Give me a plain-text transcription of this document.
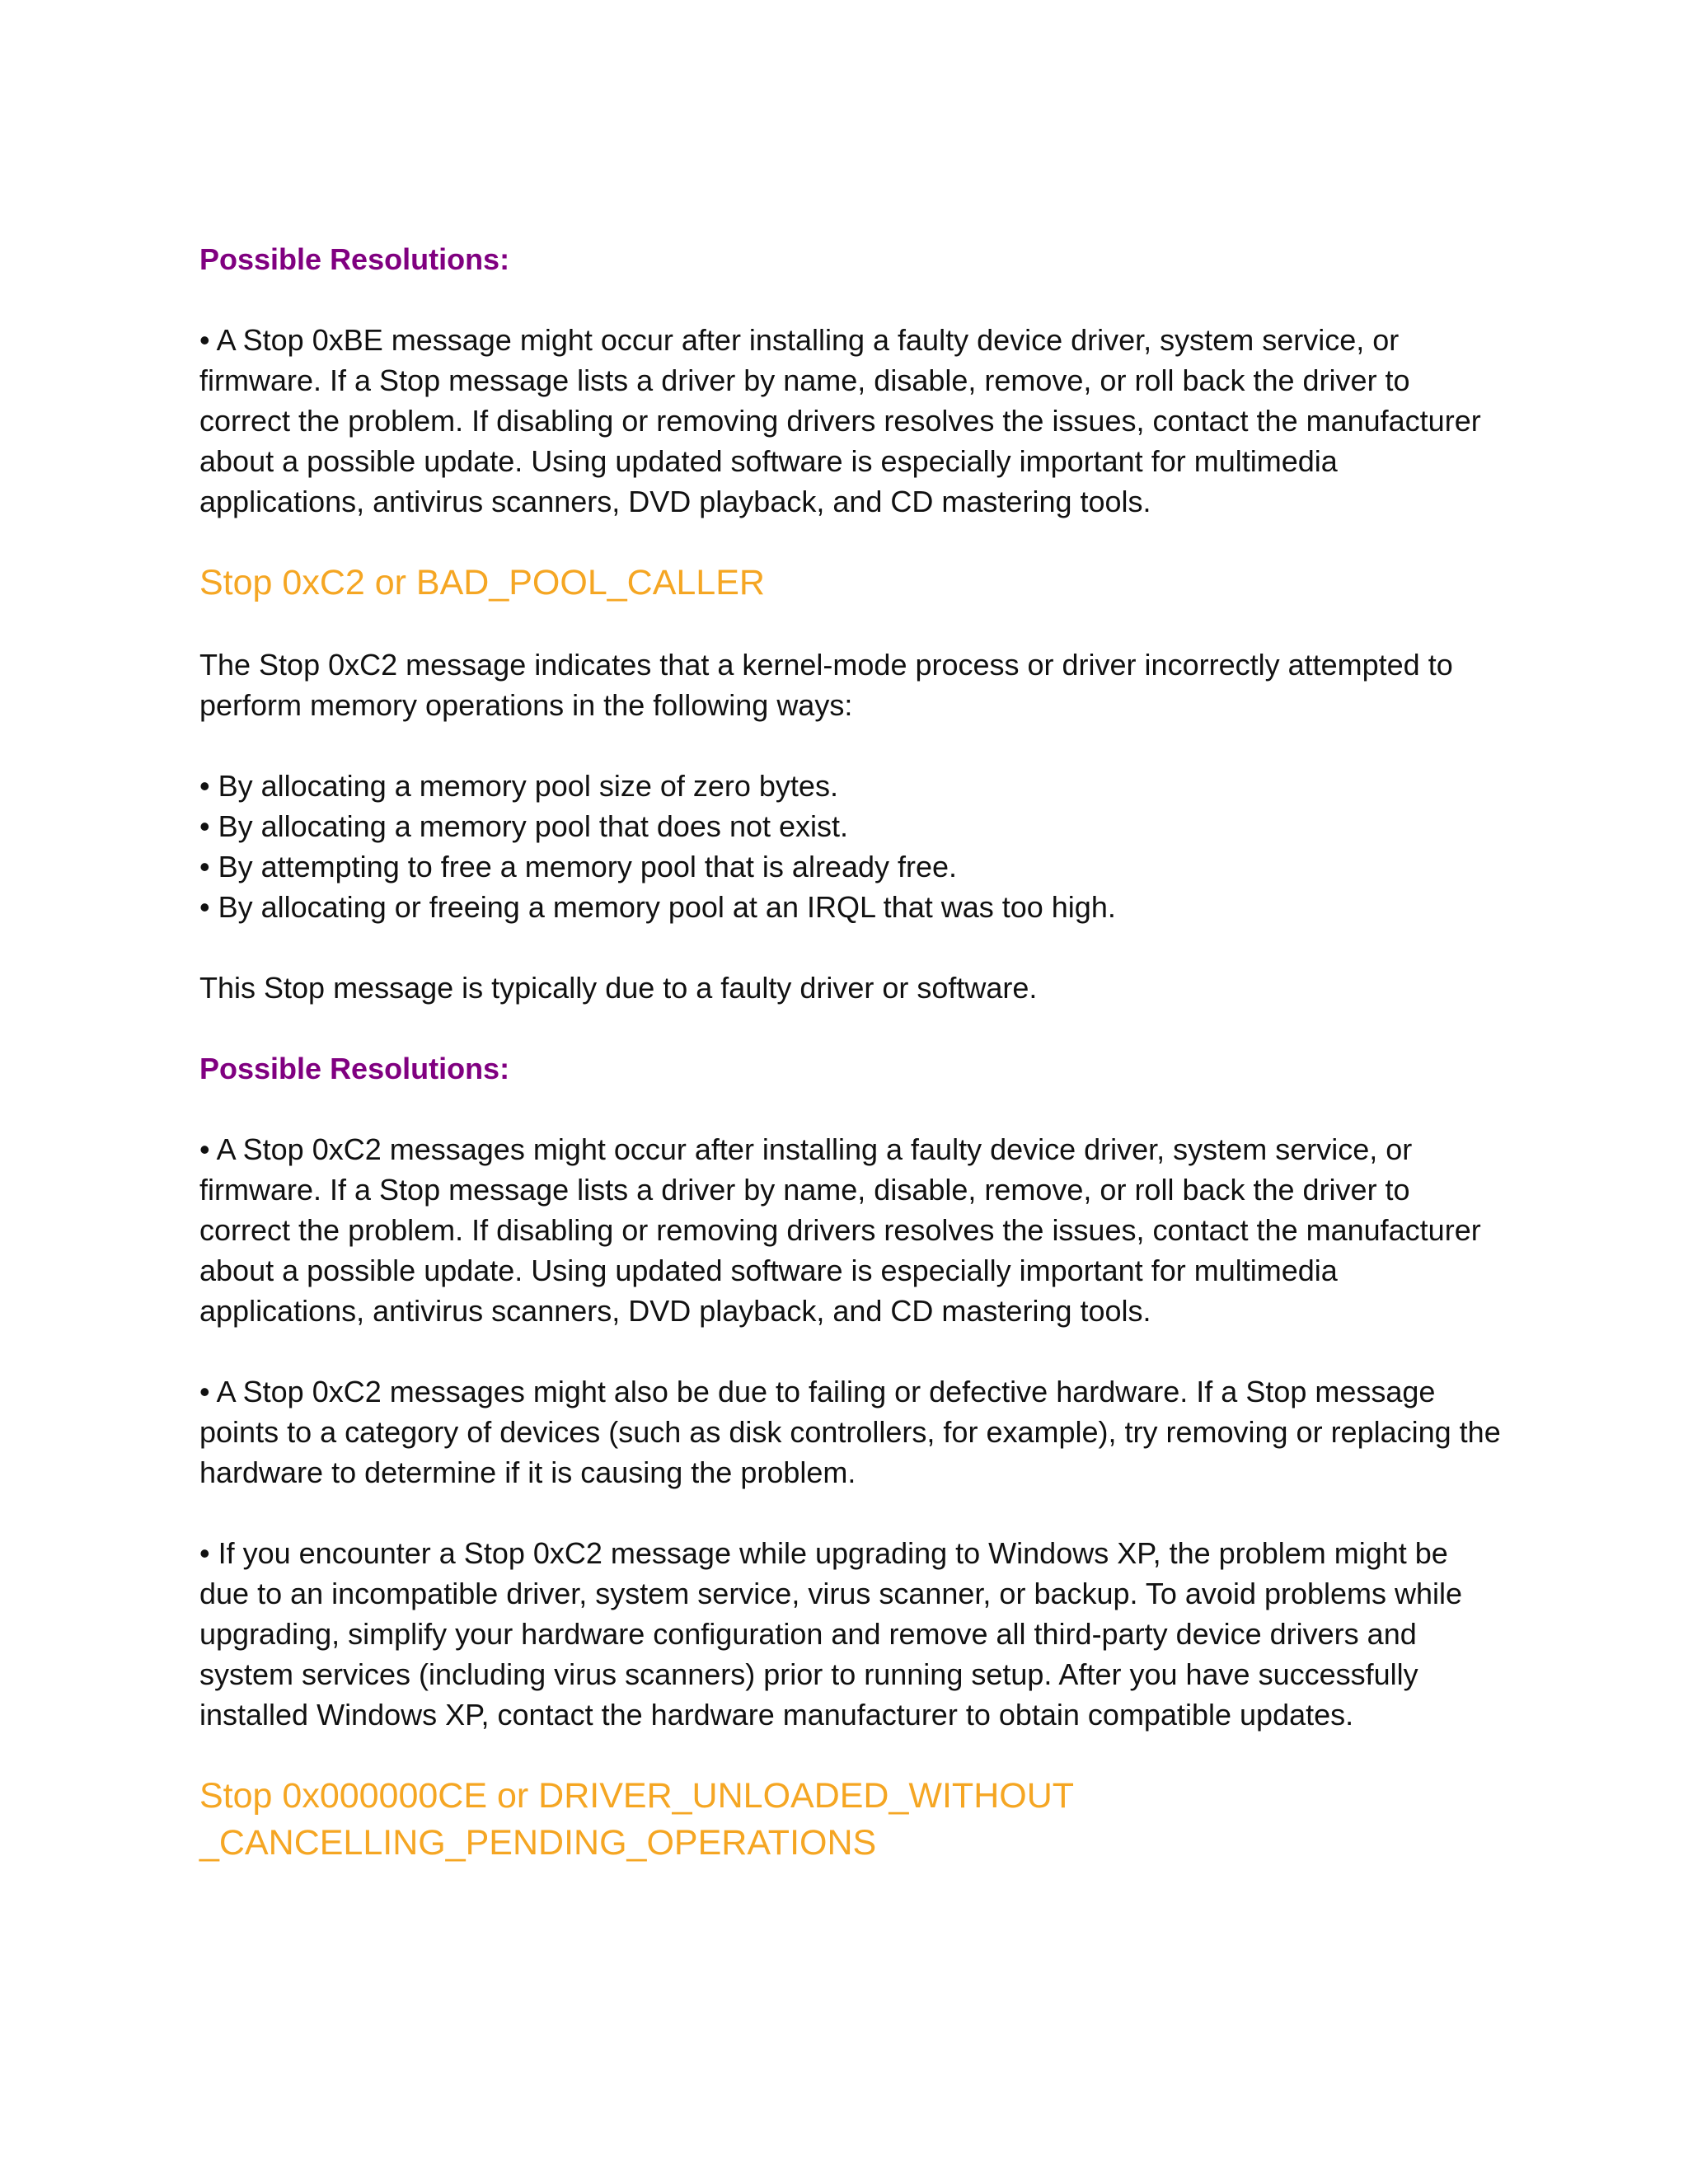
Possible Resolutions:

• A Stop 0xBE message might occur after installing a faulty device driver, system service, or firmware. If a Stop message lists a driver by name, disable, remove, or roll back the driver to correct the problem. If disabling or removing drivers resolves the issues, contact the manufacturer about a possible update. Using updated software is especially important for multimedia applications, antivirus scanners, DVD playback, and CD mastering tools.

Stop 0xC2 or BAD_POOL_CALLER

The Stop 0xC2 message indicates that a kernel-mode process or driver incorrectly attempted to perform memory operations in the following ways:

• By allocating a memory pool size of zero bytes.
• By allocating a memory pool that does not exist.
• By attempting to free a memory pool that is already free.
• By allocating or freeing a memory pool at an IRQL that was too high.

This Stop message is typically due to a faulty driver or software.

Possible Resolutions:

• A Stop 0xC2 messages might occur after installing a faulty device driver, system service, or firmware. If a Stop message lists a driver by name, disable, remove, or roll back the driver to correct the problem. If disabling or removing drivers resolves the issues, contact the manufacturer about a possible update. Using updated software is especially important for multimedia applications, antivirus scanners, DVD playback, and CD mastering tools.

• A Stop 0xC2 messages might also be due to failing or defective hardware. If a Stop message points to a category of devices (such as disk controllers, for example), try removing or replacing the hardware to determine if it is causing the problem.

• If you encounter a Stop 0xC2 message while upgrading to Windows XP, the problem might be due to an incompatible driver, system service, virus scanner, or backup. To avoid problems while upgrading, simplify your hardware configuration and remove all third-party device drivers and system services (including virus scanners) prior to running setup. After you have successfully installed Windows XP, contact the hardware manufacturer to obtain compatible updates.

Stop 0x000000CE or DRIVER_UNLOADED_WITHOUT
_CANCELLING_PENDING_OPERATIONS
